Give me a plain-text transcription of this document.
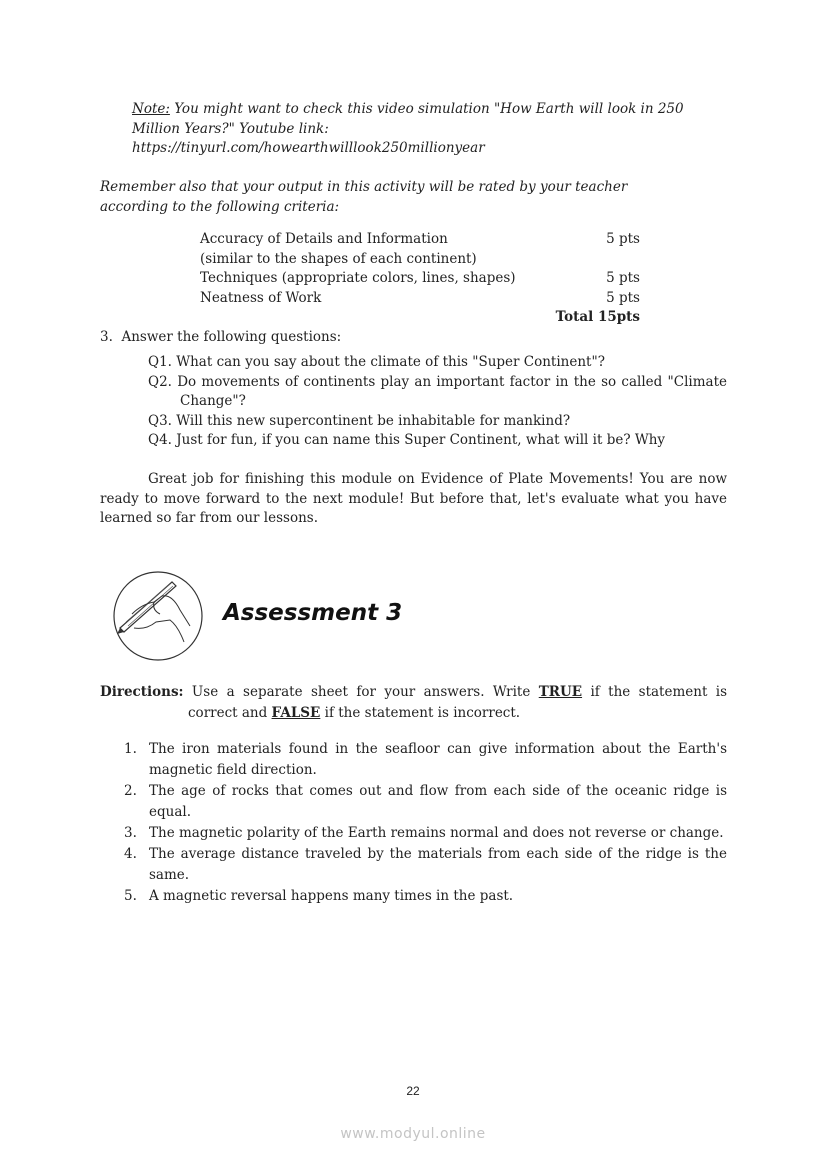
Note: You might want to check this video simulation "How Earth will look in 250 Million Years?" Youtube link:
https://tinyurl.com/howearthwilllook250millionyear
Remember also that your output in this activity will be rated by your teacher according to the following criteria:
Accuracy of Details and Information	5 pts
(similar to the shapes of each continent)
Techniques (appropriate colors, lines, shapes)	5 pts
Neatness of Work	5 pts
Total 15pts
3. Answer the following questions:
Q1. What can you say about the climate of this "Super Continent"?
Q2. Do movements of continents play an important factor in the so called "Climate Change"?
Q3. Will this new supercontinent be inhabitable for mankind?
Q4. Just for fun, if you can name this Super Continent, what will it be? Why
Great job for finishing this module on Evidence of Plate Movements! You are now ready to move forward to the next module! But before that, let's evaluate what you have learned so far from our lessons.
Assessment 3
Directions: Use a separate sheet for your answers. Write TRUE if the statement is correct and FALSE if the statement is incorrect.
1. The iron materials found in the seafloor can give information about the Earth's magnetic field direction.
2. The age of rocks that comes out and flow from each side of the oceanic ridge is equal.
3. The magnetic polarity of the Earth remains normal and does not reverse or change.
4. The average distance traveled by the materials from each side of the ridge is the same.
5. A magnetic reversal happens many times in the past.
22
www.modyul.online
